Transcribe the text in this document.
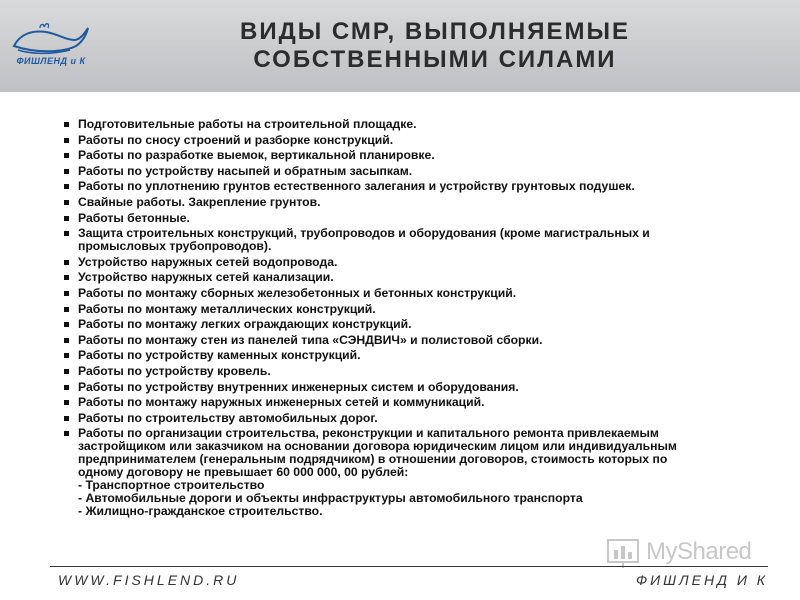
ФИШЛЕНД и К
ВИДЫ СМР, ВЫПОЛНЯЕМЫЕ
СОБСТВЕННЫМИ СИЛАМИ
Подготовительные работы на строительной площадке.
Работы по сносу строений и разборке конструкций.
Работы по разработке выемок, вертикальной планировке.
Работы по устройству насыпей и обратным засыпкам.
Работы по уплотнению грунтов естественного залегания и устройству грунтовых подушек.
Свайные работы. Закрепление грунтов.
Работы бетонные.
Защита строительных конструкций, трубопроводов и оборудования (кроме магистральных и
промысловых трубопроводов).
Устройство наружных сетей водопровода.
Устройство наружных сетей канализации.
Работы по монтажу сборных железобетонных и бетонных конструкций.
Работы по монтажу металлических конструкций.
Работы по монтажу легких ограждающих конструкций.
Работы по монтажу стен из панелей типа «СЭНДВИЧ» и полистовой сборки.
Работы по устройству каменных конструкций.
Работы по устройству кровель.
Работы по устройству внутренних инженерных систем и оборудования.
Работы по монтажу наружных инженерных сетей и коммуникаций.
Работы по строительству автомобильных дорог.
Работы по организации строительства, реконструкции и капитального ремонта привлекаемым
застройщиком или заказчиком на основании договора юридическим лицом или индивидуальным
предпринимателем (генеральным подрядчиком) в отношении договоров, стоимость которых по
одному договору не превышает 60 000 000, 00 рублей:
- Транспортное строительство
- Автомобильные дороги и объекты инфраструктуры автомобильного транспорта
- Жилищно-гражданское строительство.
MyShared
WWW.FISHLEND.RU	ФИШЛЕНД И К
